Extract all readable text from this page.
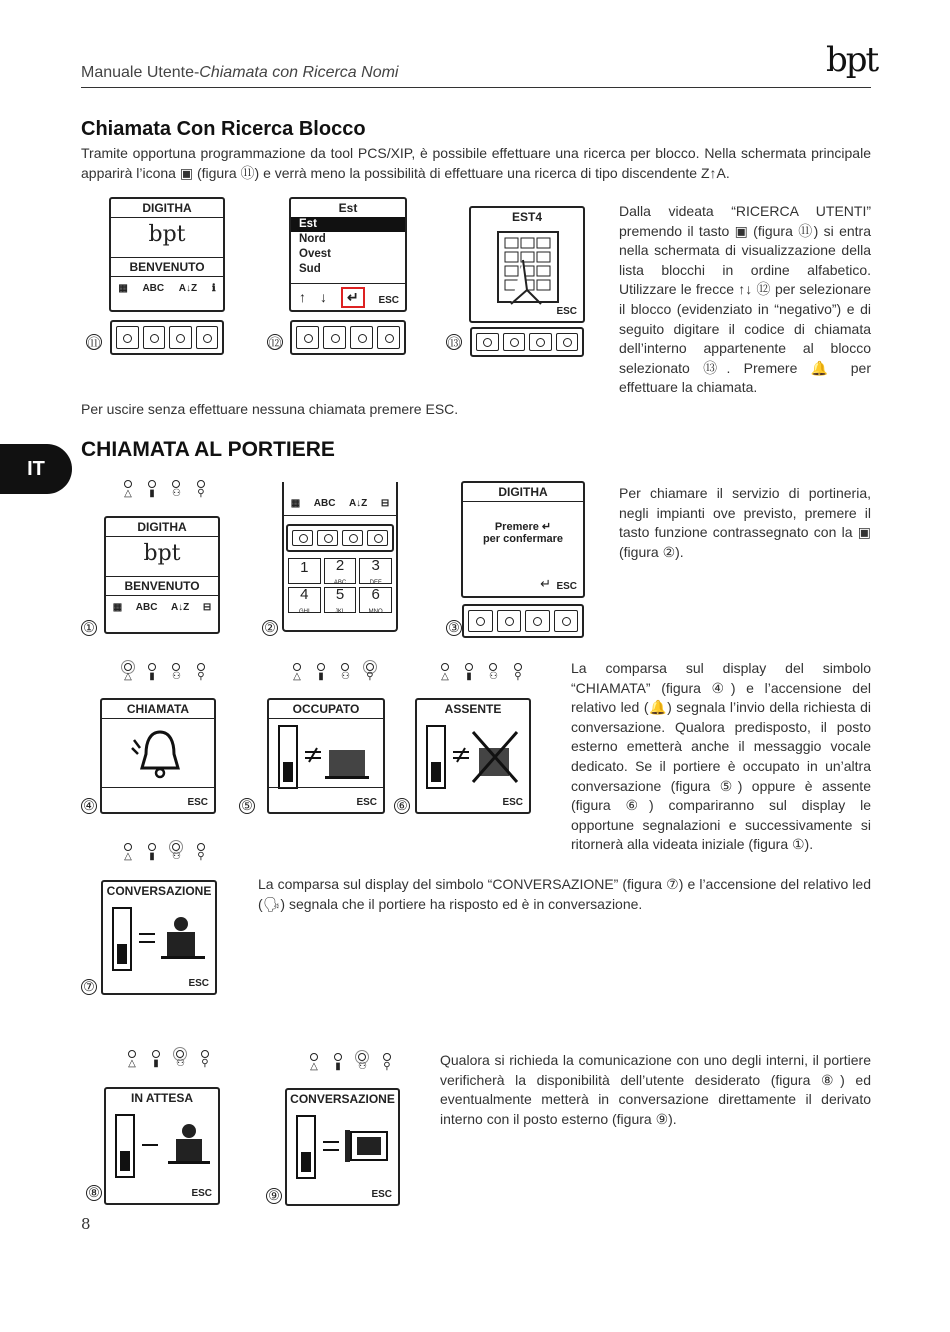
Manuale Utente-Chiamata con Ricerca Nomi	bpt
Chiamata Con Ricerca Blocco
Tramite opportuna programmazione da tool PCS/XIP, è possibile effettuare una ricerca per blocco. Nella schermata principale apparirà l’icona ▣ (figura ⑪) e verrà meno la possibilità di effettuare una ricerca di tipo discendente Z↑A.
DIGITHA
bpt
BENVENUTO
▦ ABC A↓Z ℹ
⑪
Est
Est
Nord
Ovest
Sud
↑ ↓	↵	ESC
⑫
EST4
ESC
⑬
Dalla videata “RICERCA UTENTI” premendo il tasto ▣ (figura ⑪) si entra nella schermata di visualizzazione della lista blocchi in ordine alfabetico. Utilizzare le frecce ↑↓ ⑫ per selezionare il blocco (evidenziato in “negativo”) e di seguito digitare il codice di chiamata dell’interno appartenente al blocco selezionato ⑬. Premere 🔔 per effettuare la chiamata.
Per uscire senza effettuare nessuna chiamata premere ESC.
IT
CHIAMATA AL PORTIERE
△ ▮ ⚇ ⚲
DIGITHA
bpt
BENVENUTO
▦ ABC A↓Z ⊟
①
▦ ABC A↓Z ⊟
1	2
ABC
3
DEF
4
GHI
5
JKL
6
MNO
②
DIGITHA
Premere ↵
per confermare
↵ ESC
③
Per chiamare il servizio di portineria, negli impianti ove previsto, premere il tasto funzione contrassegnato con la ▣ (figura ②).
△ ▮ ⚇ ⚲
CHIAMATA
ESC
④
△ ▮ ⚇ ⚲
OCCUPATO
ESC
⑤
△ ▮ ⚇ ⚲
ASSENTE
ESC
⑥
La comparsa sul display del simbolo “CHIAMATA” (figura ④) e l’accensione del relativo led (🔔) segnala l’invio della richiesta di conversazione. Qualora predisposto, il posto esterno emetterà anche il messaggio vocale dedicato. Se il portiere è occupato in un’altra conversazione (figura ⑤) oppure è assente (figura ⑥) compariranno sul display le opportune segnalazioni e successivamente si ritornerà alla videata iniziale (figura ①).
△ ▮ ⚇ ⚲
CONVERSAZIONE
ESC
⑦
La comparsa sul display del simbolo “CONVERSAZIONE” (figura ⑦) e l’accensione del relativo led (🗣) segnala che il portiere ha risposto ed è in conversazione.
△ ▮ ⚇ ⚲
IN ATTESA
ESC
⑧
△ ▮ ⚇ ⚲
CONVERSAZIONE
ESC
⑨
Qualora si richieda la comunicazione con uno degli interni, il portiere verificherà la disponibilità dell’utente desiderato (figura ⑧) ed eventualmente metterà in conversazione direttamente il derivato interno con il posto esterno (figura ⑨).
8
